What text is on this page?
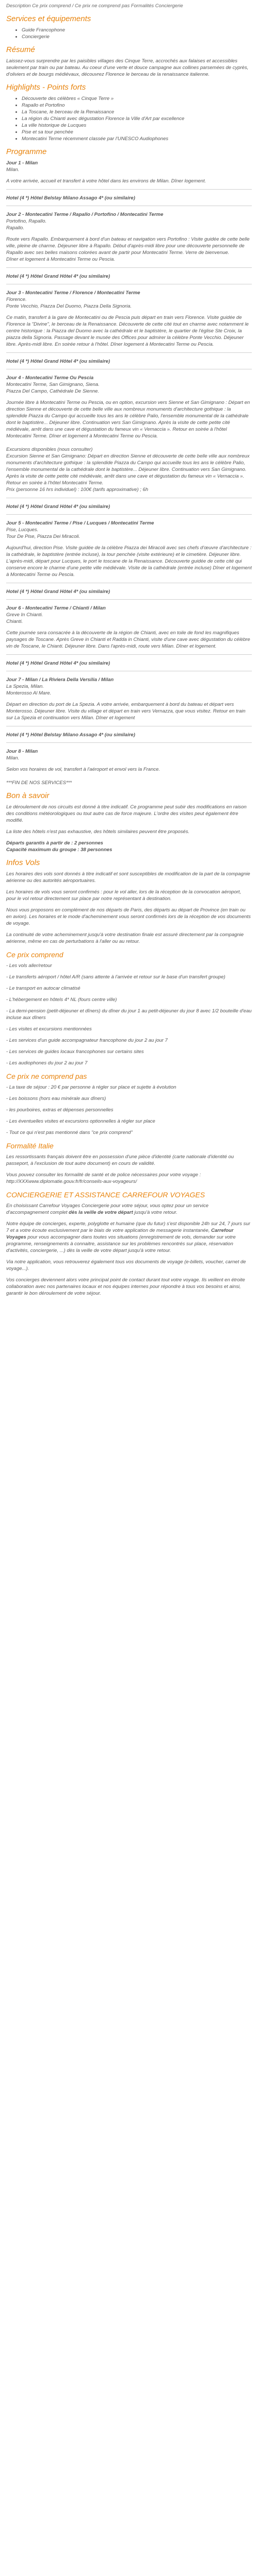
Description Ce prix comprend / Ce prix ne comprend pas Formalités Conciergerie

Services et équipements
• Guide Francophone
• Conciergerie
Résumé

Laissez-vous surprendre par les paisibles villages des Cinque Terre, accrochés aux falaises et accessibles seulement par train ou par bateau. Au coeur d'une verte et douce campagne aux collines parsemées de cyprès, d'oliviers et de bourgs médiévaux, découvrez Florence le berceau de la renaissance italienne.

Highlights - Points forts
• Découverte des célèbres « Cinque Terre »
• Rapallo et Portofino
• La Toscane, le berceau de la Renaissance
• La région du Chianti avec dégustation Florence la Ville d'Art par excellence
• La ville historique de Lucques
• Pise et sa tour penchée
• Montecatini Terme récemment classée par l'UNESCO Audiophones
Programme
Jour 1 - Milan

Milan.

A votre arrivée, accueil et transfert à votre hôtel dans les environs de Milan. Dîner logement.

Hotel (4 *) Hôtel Belstay Milano Assago 4* (ou similaire)
Jour 2 - Montecatini Terme / Rapallo / Portofino / Montecatini Terme

Portofino, Rapallo.
Rapallo.

Route vers Rapallo. Embarquement à bord d'un bateau et navigation vers Portofino : Visite guidée de cette belle ville, pleine de charme. Déjeuner libre à Rapallo. Début d'après-midi libre pour une découverte personnelle de Rapallo avec ses belles maisons colorées avant de partir pour Montecatini Terme. Verre de bienvenue.
Dîner et logement à Montecatini Terme ou Pescia.

Hotel (4 *) Hôtel Grand Hôtel 4* (ou similaire)
Jour 3 - Montecatini Terme / Florence / Montecatini Terme

Florence.
Ponte Vecchio, Piazza Del Duomo, Piazza Della Signoria.

Ce matin, transfert à la gare de Montecatini ou de Pescia puis départ en train vers Florence. Visite guidée de Florence la "Divine", le berceau de la Renaissance. Découverte de cette cité tout en charme avec notamment le centre historique : la Piazza del Duomo avec la cathédrale et le baptistère, le quartier de l'église Ste Croix, la piazza della Signoria. Passage devant le musée des Offices pour admirer la célèbre Ponte Vecchio. Déjeuner libre. Après-midi libre. En soirée retour à l'hôtel. Dîner logement à Montecatini Terme ou Pescia.

Hotel (4 *) Hôtel Grand Hôtel 4* (ou similaire)
Jour 4 - Montecatini Terme Ou Pescia

Montecatini Terme, San Gimignano, Siena.
Piazza Del Campo, Cathédrale De Sienne.

Journée libre à Montecatini Terme ou Pescia, ou en option, excursion vers Sienne et San Gimignano : Départ en direction Sienne et découverte de cette belle ville aux nombreux monuments d'architecture gothique : la splendide Piazza du Campo qui accueille tous les ans le célèbre Palio, l'ensemble monumental de la cathédrale dont le baptistère... Déjeuner libre. Continuation vers San Gimignano. Après la visite de cette petite cité médiévale, arrêt dans une cave et dégustation du fameux vin « Vernaccia ». Retour en soirée à l'hôtel Montecatini Terme. Dîner et logement à Montecatini Terme ou Pescia.

Excursions disponibles (nous consulter)
Excursion Sienne et San Gimignano: Départ en direction Sienne et découverte de cette belle ville aux nombreux monuments d'architecture gothique : la splendide Piazza du Campo qui accueille tous les ans le célèbre Palio, l'ensemble monumental de la cathédrale dont le baptistère... Déjeuner libre. Continuation vers San Gimignano. Après la visite de cette petite cité médiévale, arrêt dans une cave et dégustation du fameux vin « Vernaccia ». Retour en soirée à l'hôtel Montecatini Terme.
Prix (personne 16 hrs individuel) : 100€ (tarifs approximative) ; 6h

Hotel (4 *) Hôtel Grand Hôtel 4* (ou similaire)
Jour 5 - Montecatini Terme / Pise / Lucques / Montecatini Terme

Pise, Lucques.
Tour De Pise, Piazza Dei Miracoli.

Aujourd'hui, direction Pise. Visite guidée de la célèbre Piazza dei Miracoli avec ses chefs d'œuvre d'architecture : la cathédrale, le baptistère (entrée incluse), la tour penchée (visite extérieure) et le cimetière. Déjeuner libre. L'après-midi, départ pour Lucques, le port le toscane de la Renaissance. Découverte guidée de cette cité qui conserve encore le charme d'une petite ville médiévale. Visite de la cathédrale (entrée incluse) Dîner et logement à Montecatini Terme ou Pescia.

Hotel (4 *) Hôtel Grand Hôtel 4* (ou similaire)
Jour 6 - Montecatini Terme / Chianti / Milan

Greve In Chianti.
Chianti.

Cette journée sera consacrée à la découverte de la région de Chianti, avec en toile de fond les magnifiques paysages de Toscane. Après Greve in Chianti et Radda in Chianti, visite d'une cave avec dégustation du célèbre vin de Toscane, le Chianti. Déjeuner libre. Dans l'après-midi, route vers Milan. Dîner et logement.

Hotel (4 *) Hôtel Grand Hôtel 4* (ou similaire)
Jour 7 - Milan / La Riviera Della Versilia / Milan

La Spezia, Milan.
Monterosso Al Mare.

Départ en direction du port de La Spezia. A votre arrivée, embarquement à bord du bateau et départ vers Monterosso. Déjeuner libre. Visite du village et départ en train vers Vernazza, que vous visitez. Retour en train sur La Spezia et continuation vers Milan. Dîner et logement

Hotel (4 *) Hôtel Belstay Milano Assago 4* (ou similaire)
Jour 8 - Milan

Milan.

Selon vos horaires de vol, transfert à l'aéroport et envol vers la France.

***FIN DE NOS SERVICES***

Bon à savoir

Le déroulement de nos circuits est donné à titre indicatif. Ce programme peut subir des modifications en raison des conditions météorologiques ou tout autre cas de force majeure. L'ordre des visites peut également être modifié.

La liste des hôtels n'est pas exhaustive, des hôtels similaires peuvent être proposés.

Départs garantis à partir de : 2 personnes

Capacité maximum du groupe : 38 personnes

Infos Vols

Les horaires des vols sont donnés à titre indicatif et sont susceptibles de modification de la part de la compagnie aérienne ou des autorités aéroportuaires.

Les horaires de vols vous seront confirmés : pour le vol aller, lors de la réception de la convocation aéroport, pour le vol retour directement sur place par notre représentant à destination.

Nous vous proposons en complément de nos départs de Paris, des départs au départ de Province (en train ou en avion). Les horaires et le mode d'acheminement vous seront confirmés lors de la réception de vos documents de voyage.

La continuité de votre acheminement jusqu'à votre destination finale est assuré directement par la compagnie aérienne, même en cas de perturbations à l'aller ou au retour.

Ce prix comprend

- Les vols aller/retour

- Le transferts aéroport / hôtel A/R (sans attente à l'arrivée et retour sur le base d'un transfert groupe)

- Le transport en autocar climatisé

- L'hébergement en hôtels 4* NL (fours centre ville)

- La demi-pension (petit-déjeuner et dîners) du dîner du jour 1 au petit-déjeuner du jour 8 avec 1/2 bouteille d'eau incluse aux dîners

- Les visites et excursions mentionnées

- Les services d'un guide accompagnateur francophone du jour 2 au jour 7

- Les services de guides locaux francophones sur certains sites

- Les audiophones du jour 2 au jour 7

Ce prix ne comprend pas

- La taxe de séjour : 20 € par personne à régler sur place et sujette à évolution

- Les boissons (hors eau minérale aux dîners)

- les pourboires, extras et dépenses personnelles

- Les éventuelles visites et excursions optionnelles à régler sur place

- Tout ce qui n'est pas mentionné dans "ce prix comprend"

Formalité Italie

Les ressortissants français doivent être en possession d'une pièce d'identité (carte nationale d'identité ou passeport, à l'exclusion de tout autre document) en cours de validité.

Vous pouvez consulter les formalité de santé et de police nécessaires pour votre voyage : http://XXXwww.diplomatie.gouv.fr/fr/conseils-aux-voyageurs/

CONCIERGERIE ET ASSISTANCE CARREFOUR VOYAGES

En choisissant Carrefour Voyages Conciergerie pour votre séjour, vous optez pour un service d'accompagnement complet dès la veille de votre départ jusqu'à votre retour.

Notre équipe de concierges, experte, polyglotte et humaine (que du futur) s'est disponible 24h sur 24, 7 jours sur 7 et a votre écoute exclusivement par le biais de votre application de messagerie instantanée, Carrefour Voyages pour vous accompagner dans toutes vos situations (enregistrement de vols, demander sur votre programme, renseignements à connaitre, assistance sur les problèmes rencontrés sur place, réservation d'activités, conciergerie, ...) dès la veille de votre départ jusqu'à votre retour.

Via notre application, vous retrouverez également tous vos documents de voyage (e-billets, voucher, carnet de voyage...).

Vos concierges deviennent alors votre principal point de contact durant tout votre voyage. Ils veillent en étroite collaboration avec nos partenaires locaux et nos équipes internes pour répondre à tous vos besoins et ainsi, garantir le bon déroulement de votre séjour.
